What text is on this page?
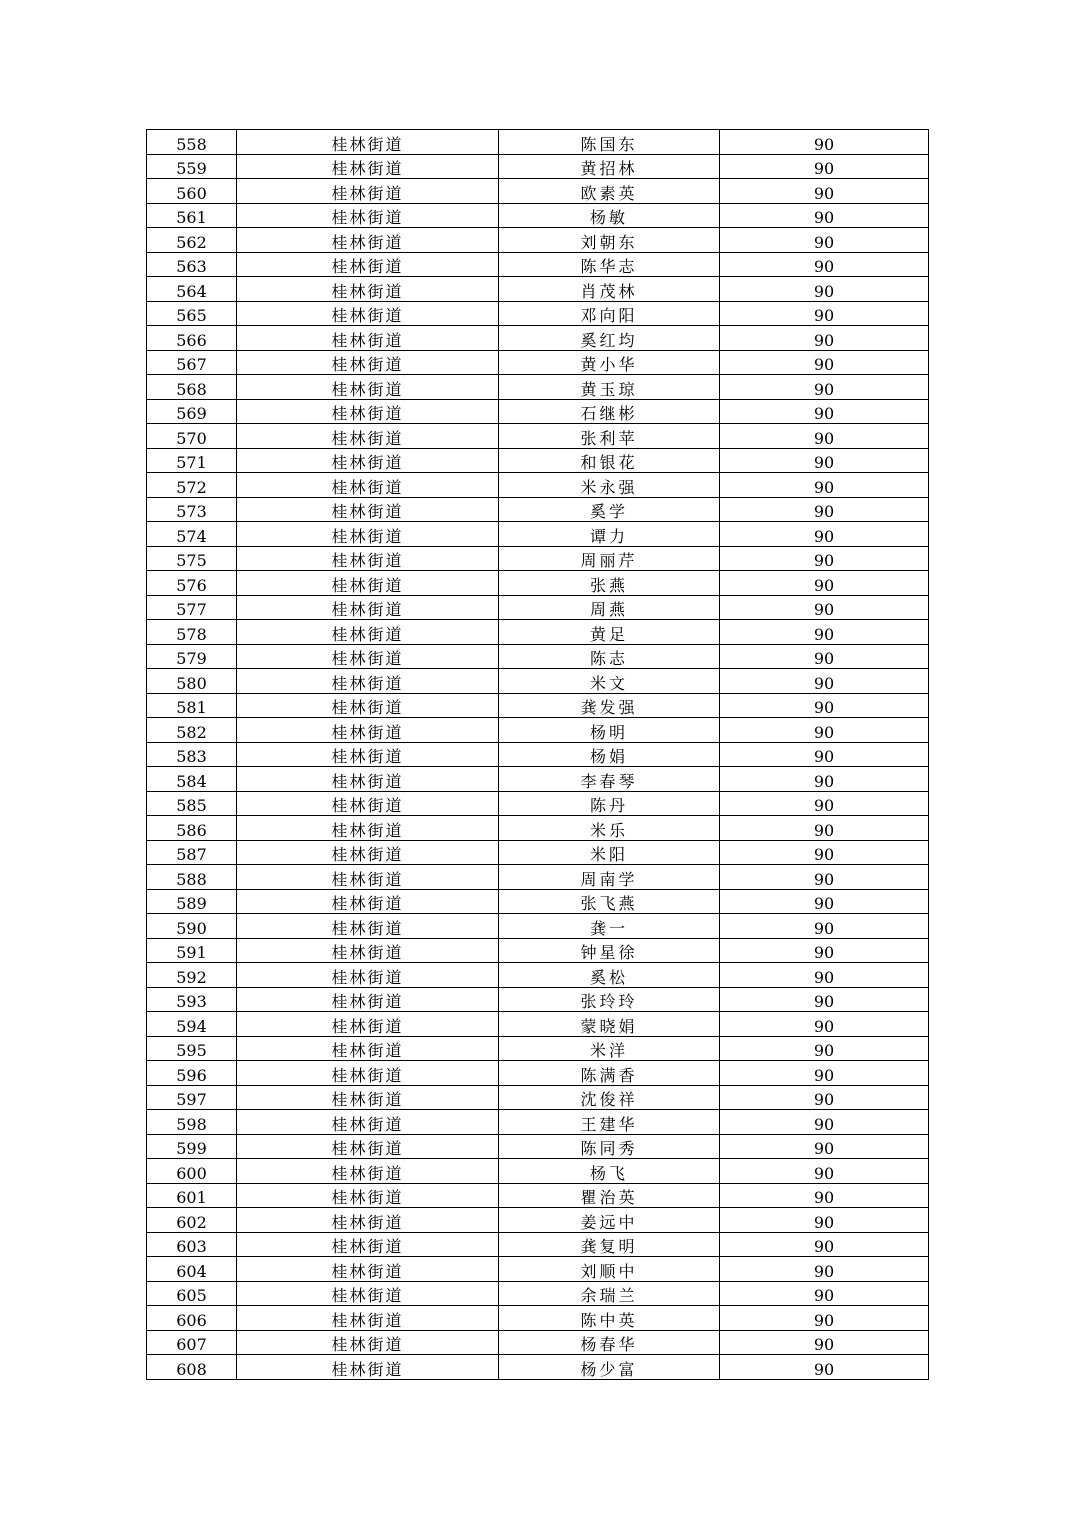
558	桂林街道	陈国东	90
559	桂林街道	黄招林	90
560	桂林街道	欧素英	90
561	桂林街道	杨敏	90
562	桂林街道	刘朝东	90
563	桂林街道	陈华志	90
564	桂林街道	肖茂林	90
565	桂林街道	邓向阳	90
566	桂林街道	奚红均	90
567	桂林街道	黄小华	90
568	桂林街道	黄玉琼	90
569	桂林街道	石继彬	90
570	桂林街道	张利苹	90
571	桂林街道	和银花	90
572	桂林街道	米永强	90
573	桂林街道	奚学	90
574	桂林街道	谭力	90
575	桂林街道	周丽芹	90
576	桂林街道	张燕	90
577	桂林街道	周燕	90
578	桂林街道	黄足	90
579	桂林街道	陈志	90
580	桂林街道	米文	90
581	桂林街道	龚发强	90
582	桂林街道	杨明	90
583	桂林街道	杨娟	90
584	桂林街道	李春琴	90
585	桂林街道	陈丹	90
586	桂林街道	米乐	90
587	桂林街道	米阳	90
588	桂林街道	周南学	90
589	桂林街道	张飞燕	90
590	桂林街道	龚一	90
591	桂林街道	钟星徐	90
592	桂林街道	奚松	90
593	桂林街道	张玲玲	90
594	桂林街道	蒙晓娟	90
595	桂林街道	米洋	90
596	桂林街道	陈满香	90
597	桂林街道	沈俊祥	90
598	桂林街道	王建华	90
599	桂林街道	陈同秀	90
600	桂林街道	杨飞	90
601	桂林街道	瞿治英	90
602	桂林街道	姜远中	90
603	桂林街道	龚复明	90
604	桂林街道	刘顺中	90
605	桂林街道	余瑞兰	90
606	桂林街道	陈中英	90
607	桂林街道	杨春华	90
608	桂林街道	杨少富	90
